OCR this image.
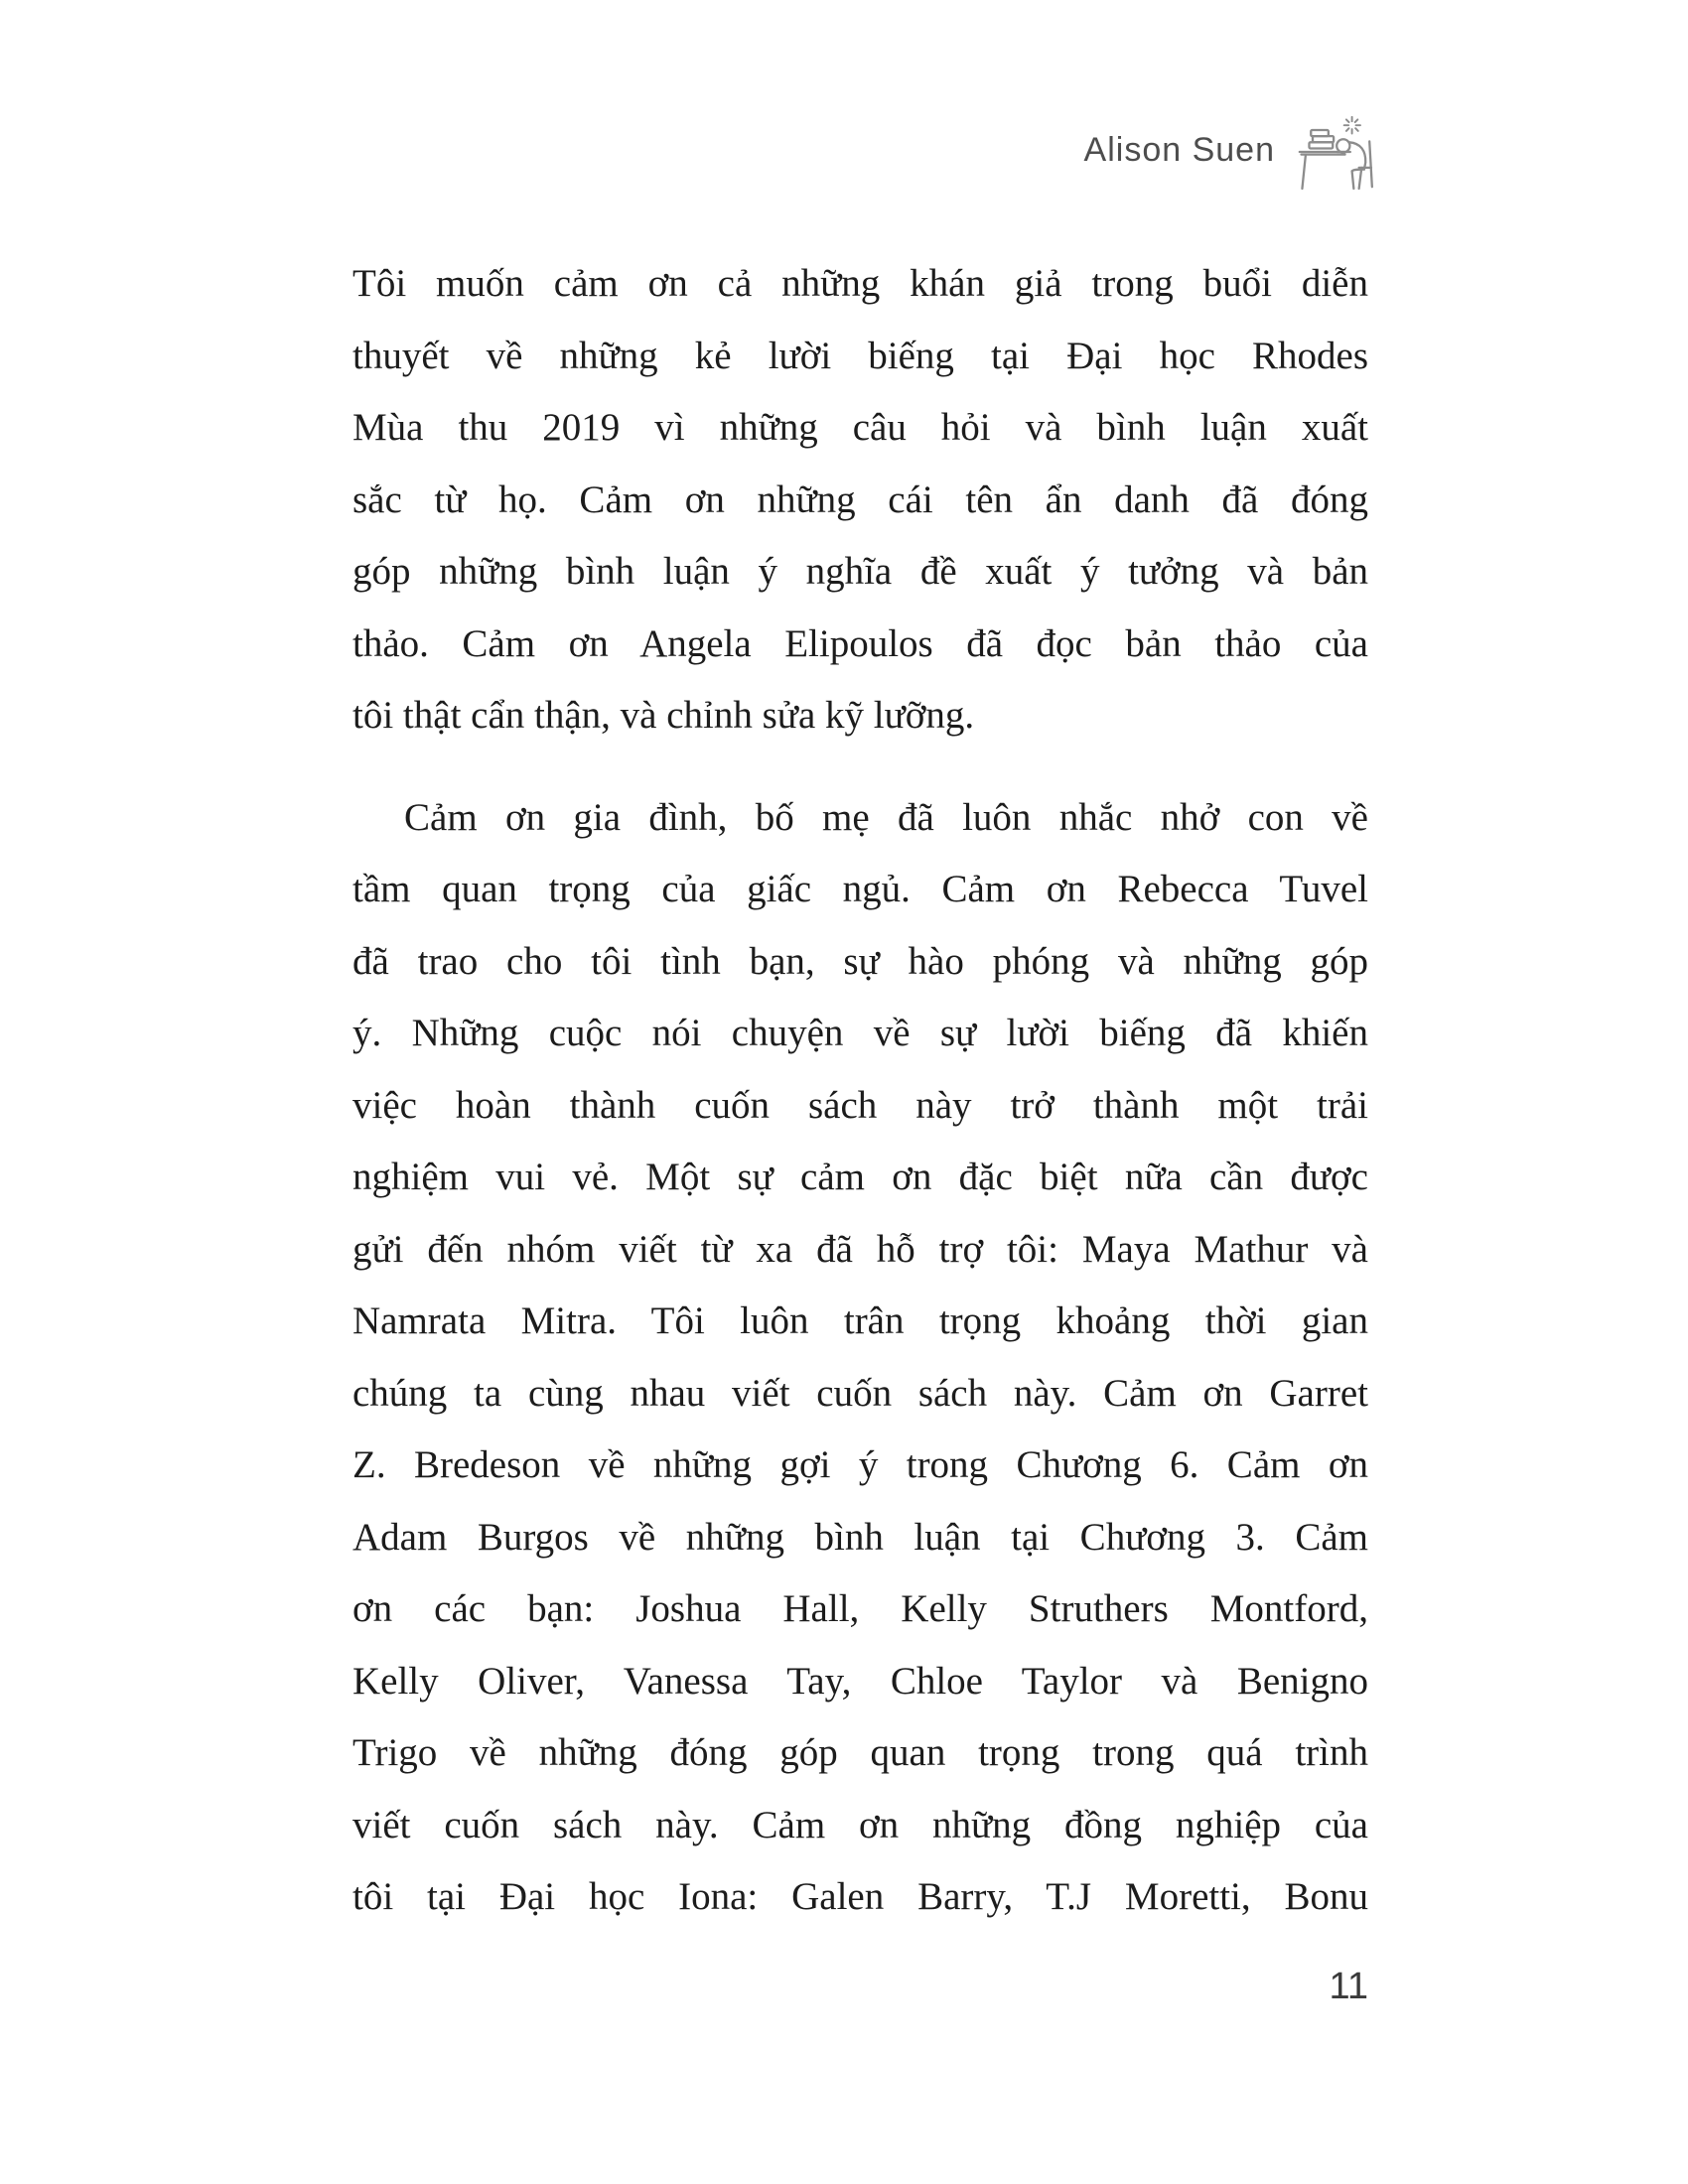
Alison Suen
Tôi muốn cảm ơn cả những khán giả trong buổi diễn
thuyết về những kẻ lười biếng tại Đại học Rhodes
Mùa thu 2019 vì những câu hỏi và bình luận xuất
sắc từ họ. Cảm ơn những cái tên ẩn danh đã đóng
góp những bình luận ý nghĩa đề xuất ý tưởng và bản
thảo. Cảm ơn Angela Elipoulos đã đọc bản thảo của
tôi thật cẩn thận, và chỉnh sửa kỹ lưỡng.
Cảm ơn gia đình, bố mẹ đã luôn nhắc nhở con về
tầm quan trọng của giấc ngủ. Cảm ơn Rebecca Tuvel
đã trao cho tôi tình bạn, sự hào phóng và những góp
ý. Những cuộc nói chuyện về sự lười biếng đã khiến
việc hoàn thành cuốn sách này trở thành một trải
nghiệm vui vẻ. Một sự cảm ơn đặc biệt nữa cần được
gửi đến nhóm viết từ xa đã hỗ trợ tôi: Maya Mathur và
Namrata Mitra. Tôi luôn trân trọng khoảng thời gian
chúng ta cùng nhau viết cuốn sách này. Cảm ơn Garret
Z. Bredeson về những gợi ý trong Chương 6. Cảm ơn
Adam Burgos về những bình luận tại Chương 3. Cảm
ơn các bạn: Joshua Hall, Kelly Struthers Montford,
Kelly Oliver, Vanessa Tay, Chloe Taylor và Benigno
Trigo về những đóng góp quan trọng trong quá trình
viết cuốn sách này. Cảm ơn những đồng nghiệp của
tôi tại Đại học Iona: Galen Barry, T.J Moretti, Bonu
11
